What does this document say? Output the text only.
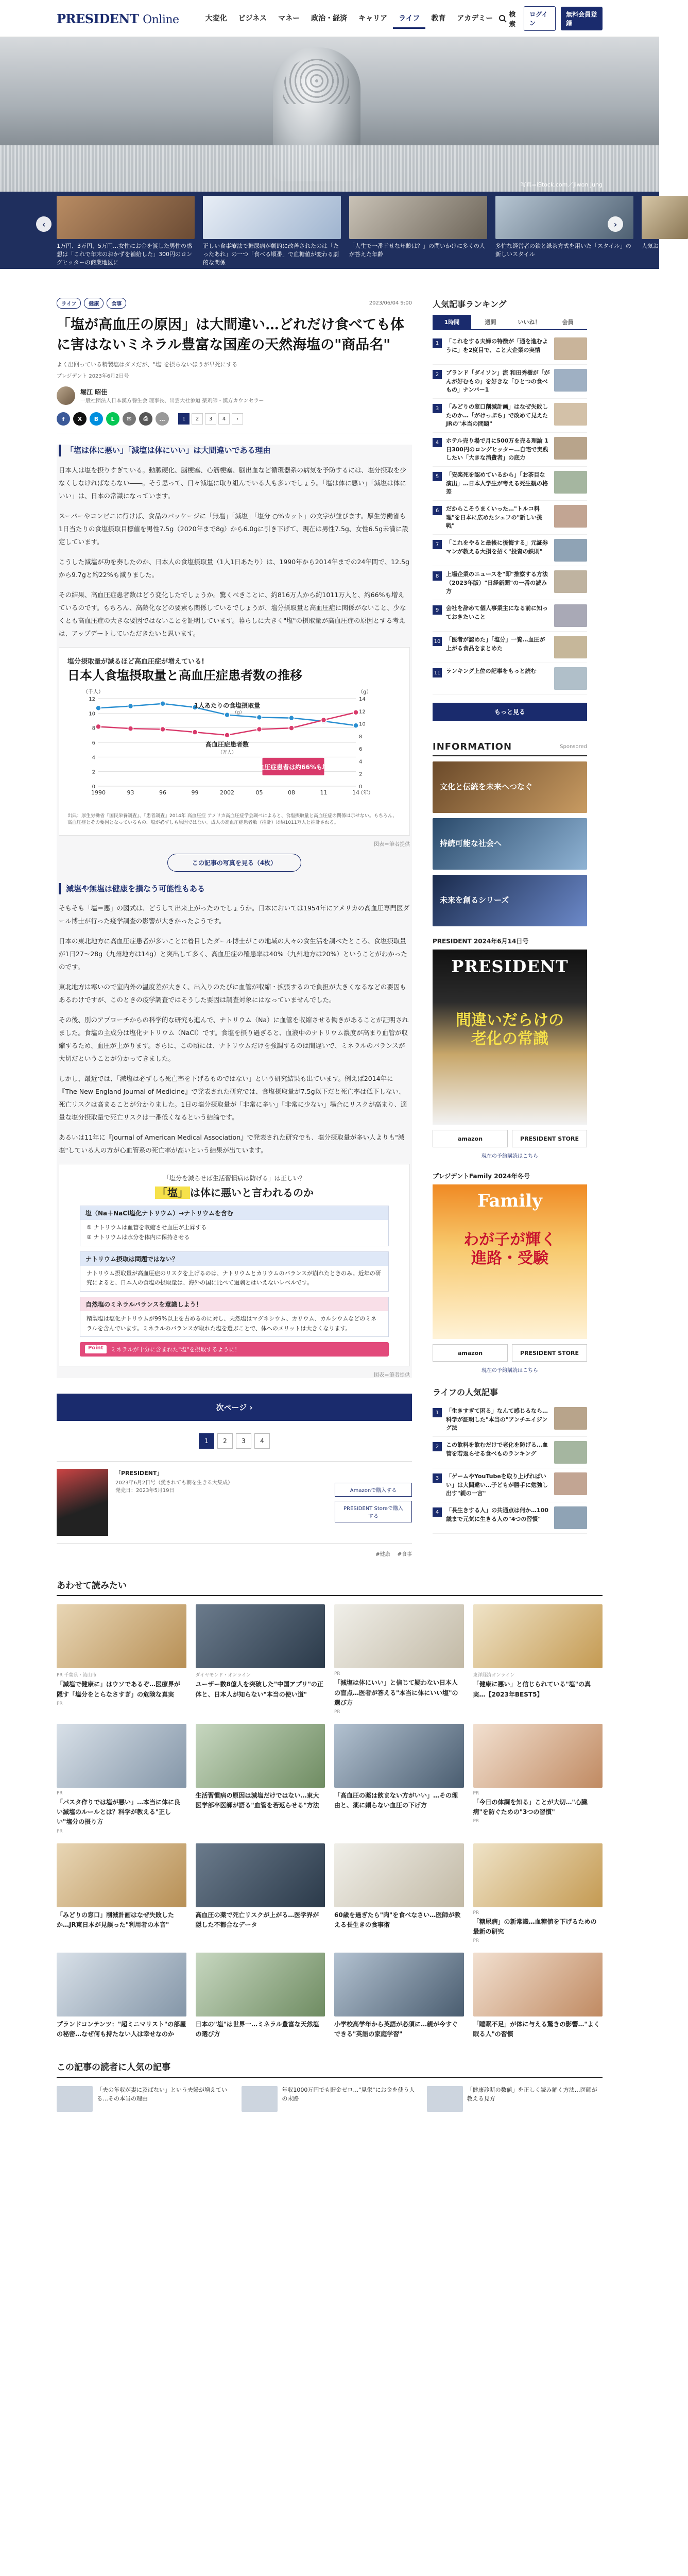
PRESIDENT Online	大変化	ビジネス	マネー	政治・経済	キャリア	ライフ	教育	アカデミー	検索
ログイン
無料会員登録
写真=iStock.com／Jiwon Jung
1万円、3万円、5万円…女性にお金を渡した男性の感想は「これで年末のおかずを補給した」300円のロングヒッターの商業地区に
正しい食事療法で糖尿病が劇的に改善されたのは「たったあれ」の一つ「食べる順番」で血糖値が変わる劇的な関係
「人生で一番幸せな年齢は？」の問いかけに多くの人が答えた年齢
多忙な経営者の鉄と緑茶方式を用いた「スタイル」の新しいスタイル
人気お菓子は
‹	›
ライフ	健康	食事	2023/06/04 9:00
「塩が高血圧の原因」は大間違い…どれだけ食べても体に害はないミネラル豊富な国産の天然海塩の"商品名"
よく出回っている精製塩はダメだが、"塩"を摂らないほうが早死にする
プレジデント 2023年6月2日号
堀江 昭佳
一般社団法人日本漢方養生会 理事長、出雲大社参道 薬剤師・漢方カウンセラー
f	X	B	L	✉	⎙	…	1	2	3	4	›
「塩は体に悪い」「減塩は体にいい」は大間違いである理由

日本人は塩を摂りすぎている。動脈硬化、脳梗塞、心筋梗塞、脳出血など循環器系の病気を予防するには、塩分摂取を少なくしなければならない――。そう思って、日々減塩に取り組んでいる人も多いでしょう。「塩は体に悪い」「減塩は体にいい」は、日本の常識になっています。

スーパーやコンビニに行けば、食品のパッケージに「無塩」「減塩」「塩分 ○%カット」の文字が並びます。厚生労働省も1日当たりの食塩摂取目標値を男性7.5g（2020年まで8g）から6.0gに引き下げて、現在は男性7.5g、女性6.5g未満に設定しています。

こうした減塩が功を奏したのか、日本人の食塩摂取量（1人1日あたり）は、1990年から2014年までの24年間で、12.5gから9.7gと約22%も減りました。

その結果、高血圧症患者数はどう変化したでしょうか。驚くべきことに、約816万人から約1011万人と、約66%も増えているのです。もちろん、高齢化などの要素も関係しているでしょうが、塩分摂取量と高血圧症に関係がないこと、少なくとも高血圧症の大きな要因ではないことを証明しています。暮らしに大きく"塩"の摂取量が高血圧症の原因とする考えは、アップデートしていただきたいと思います。

塩分摂取量が減るほど高血圧症が増えている!
日本人食塩摂取量と高血圧症患者数の推移
12
10
8
6
4
2
0
14
12
10
8
6
4
2
0
（千人）	（g）
1990	93	96	99	2002	05	08	11	14
（年）
1人あたりの食塩摂取量
（g）
高血圧症患者数
（万人）
高血圧症患者は約66%も増加
出典：厚生労働省『国民栄養調査』、『患者調査』2014年 高血圧症 アメリカ高血圧症学会調べによると、食塩摂取量と高血圧症の関係は示せない。もちろん、高血圧症とその要因となっているもの、塩が必ずしも原因ではない。成人の高血圧症患者数（推計）は約1011万人と推計される。
図表＝筆者提供
この記事の写真を見る（4枚）
減塩や無塩は健康を損なう可能性もある

そもそも「塩＝悪」の図式は、どうして出来上がったのでしょうか。日本においては1954年にアメリカの高血圧専門医ダール博士が行った疫学調査の影響が大きかったようです。

日本の東北地方に高血圧症患者が多いことに着目したダール博士がこの地域の人々の食生活を調べたところ、食塩摂取量が1日27〜28g（九州地方は14g）と突出して多く、高血圧症の罹患率は40%（九州地方は20%）ということがわかったのです。

東北地方は寒いので室内外の温度差が大きく、出入りのたびに血管が収縮・拡張するので負担が大きくなるなどの要因もあるわけですが、このときの疫学調査ではそうした要因は調査対象にはなっていませんでした。

その後、別のアプローチからの科学的な研究も進んで、ナトリウム（Na）に血管を収縮させる働きがあることが証明されました。食塩の主成分は塩化ナトリウム（NaCl）です。食塩を摂り過ぎると、血液中のナトリウム濃度が高まり血管が収縮するため、血圧が上がります。さらに、この頃には、ナトリウムだけを強調するのは間違いで、ミネラルのバランスが大切だということが分かってきました。

しかし、最近では、「減塩は必ずしも死亡率を下げるものではない」という研究結果も出ています。例えば2014年に『The New England Journal of Medicine』で発表された研究では、食塩摂取量が7.5g以下だと死亡率は低下しない、死亡リスクは高まることが分かりました。1日の塩分摂取量が「非常に多い」「非常に少ない」場合にリスクが高まり、適量な塩分摂取量で死亡リスクは一番低くなるという結論です。

あるいは11年に『Journal of American Medical Association』で発表された研究でも、塩分摂取量が多い人よりも"減塩"している人の方が心血管系の死亡率が高いという結果が出ています。

「塩分を減らせば生活習慣病は防げる」は正しい？
「塩」 は体に悪いと言われるのか
塩（Na＋NaCl塩化ナトリウム）→ナトリウムを含む
① ナトリウムは血管を収縮させ血圧が上昇する
② ナトリウムは水分を体内に保持させる
ナトリウム摂取は問題ではない？
ナトリウム摂取量が高血圧症のリスクを上げるのは、ナトリウムとカリウムのバランスが崩れたときのみ。近年の研究によると、日本人の食塩の摂取量は、海外の国に比べて過剰とはいえないレベルです。
自然塩のミネラルバランスを意識しよう！
精製塩は塩化ナトリウムが99%以上を占めるのに対し、天然塩はマグネシウム、カリウム、カルシウムなどのミネラルを含んでいます。ミネラルのバランスが取れた塩を選ぶことで、体へのメリットは大きくなります。
Point	ミネラルが十分に含まれた"塩"を摂取するように！
図表＝筆者提供
次ページ ›
1	2	3	4
「PRESIDENT」
2023年6月2日号（愛されても朝を生きる大集成）
発売日：2023年5月19日	Amazonで購入する
PRESIDENT Storeで購入する
#健康 #食事
人気記事ランキング
1時間	週間	いいね！	会員
1	「これをする夫婦の特徴が「通を進むように」を2度目で、こと大企業の実情
2	ブランド「ダイソン」流 和田秀樹が「がんが好むもの」を好きな「ひとつの食べもの」ナンバー1
3	「みどりの窓口削減計画」はなぜ失敗したのか…「がけっぷち」で改めて見えたJRの"本当の問題"
4	ホテル売り場で月に500万を売る理論 1日300円のロングヒッター…自宅で実践したい「大きな消費者」の底力
5	「安楽死を認めているから」「お茶目な演出」…日本人学生が考える死生観の格差
6	だからこそうまくいった…"トルコ料理"を日本に広めたシェフの"新しい挑戦"
7	「これをやると最後に後悔する」元証券マンが教える大損を招く"投資の鉄則"
8	上場企業のニュースを"即"推察する方法（2023年版）"日経新聞"の一番の読み方
9	会社を辞めて個人事業主になる前に知っておきたいこと
10 「医者が認めた」「塩分」一覧…血圧が上がる食品をまとめた
11 ランキング上位の記事をもっと読む
もっと見る
INFORMATION	Sponsored
文化と伝統を未来へつなぐ
持続可能な社会へ
未来を創るシリーズ
PRESIDENT 2024年6月14日号
PRESIDENT
間違いだらけの
老化の常識
amazon	PRESIDENT STORE
現在の予約購読はこちら
プレジデントFamily 2024年冬号
Family
わが子が輝く
進路・受験
amazon	PRESIDENT STORE
現在の予約購読はこちら
ライフの人気記事
1	「生きすぎて困る」なんて感じるなら…科学が証明した"本当の"アンチエイジング法
2	この飲料を飲むだけで老化を防げる…血管を若返らせる食べものランキング
3	「ゲームやYouTubeを取り上げればいい」は大間違い…子どもが勝手に勉強し出す"親の一言"
4	「長生きする人」の共通点は何か…100歳まで元気に生きる人の"4つの習慣"
あわせて読みたい
PR 千葉県・流山市
「減塩で健康に」はウソであるぞ…医療界が隠す「塩分をとらなさすぎ」の危険な真実
PR
ダイヤモンド・オンライン
ユーザー数8億人を突破した"中国アプリ"の正体と、日本人が知らない"本当の使い道"
PR
「減塩は体にいい」と信じて疑わない日本人の盲点…医者が答える"本当に体にいい塩"の選び方
PR
東洋経済オンライン
「健康に悪い」と信じられている"塩"の真実…【2023年BEST5】
PR
「パスタ作りでは塩が悪い」…本当に体に良い減塩のルールとは？科学が教える"正しい"塩分の摂り方
PR
生活習慣病の原因は減塩だけではない…東大医学部卒医師が語る"血管を若返らせる"方法
「高血圧の薬は飲まない方がいい」…その理由と、薬に頼らない血圧の下げ方
PR
「今日の体調を知る」ことが大切…"心臓病"を防ぐための"3つの習慣"
PR
「みどりの窓口」削減計画はなぜ失敗したか…JR東日本が見誤った"利用者の本音"
高血圧の薬で死亡リスクが上がる…医学界が隠した不都合なデータ
60歳を過ぎたら"肉"を食べなさい…医師が教える長生きの食事術
PR
「糖尿病」の新常識…血糖値を下げるための最新の研究
PR
プランドコンテンツ："超ミニマリスト"の部屋の秘密…なぜ何も持たない人は幸せなのか
日本の"塩"は世界一…ミネラル豊富な天然塩の選び方
小学校高学年から英語が必須に…親が今すぐできる"英語の家庭学習"
「睡眠不足」が体に与える驚きの影響…"よく眠る人"の習慣
この記事の読者に人気の記事
「夫の年収が妻に及ばない」という夫婦が増えている…その本当の理由
年収1000万円でも貯金ゼロ…"見栄"にお金を使う人の末路
「健康診断の数値」を正しく読み解く方法…医師が教える見方
